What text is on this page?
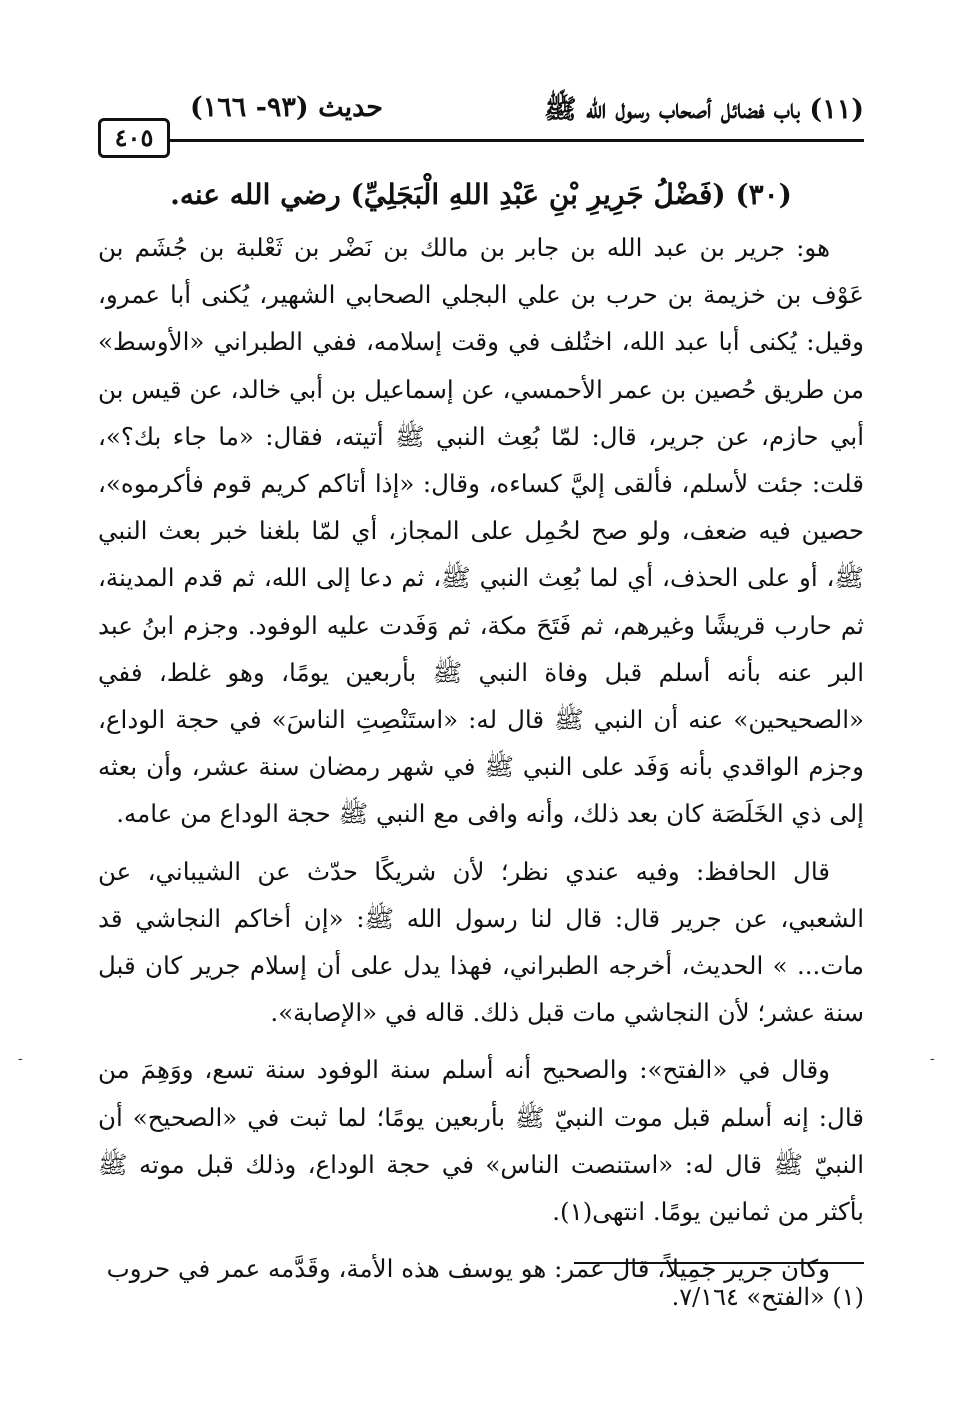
(١١) باب فضائل أصحاب رسول الله ﷺ
حديث (٩٣- ١٦٦)
٤٠٥
(٣٠) (فَضْلُ جَرِيرِ بْنِ عَبْدِ اللهِ الْبَجَلِيِّ) رضي الله عنه.

هو: جرير بن عبد الله بن جابر بن مالك بن نَضْر بن ثَعْلبة بن جُشَم بن عَوْف بن خزيمة بن حرب بن علي البجلي الصحابي الشهير، يُكنى أبا عمرو، وقيل: يُكنى أبا عبد الله، اختُلف في وقت إسلامه، ففي الطبراني «الأوسط» من طريق حُصين بن عمر الأحمسي، عن إسماعيل بن أبي خالد، عن قيس بن أبي حازم، عن جرير، قال: لمّا بُعِث النبي ﷺ أتيته، فقال: «ما جاء بك؟»، قلت: جئت لأسلم، فألقى إليَّ كساءه، وقال: «إذا أتاكم كريم قوم فأكرموه»، حصين فيه ضعف، ولو صح لحُمِل على المجاز، أي لمّا بلغنا خبر بعث النبي ﷺ، أو على الحذف، أي لما بُعِث النبي ﷺ، ثم دعا إلى الله، ثم قدم المدينة، ثم حارب قريشًا وغيرهم، ثم فَتَحَ مكة، ثم وَفَدت عليه الوفود. وجزم ابنُ عبد البر عنه بأنه أسلم قبل وفاة النبي ﷺ بأربعين يومًا، وهو غلط، ففي «الصحيحين» عنه أن النبي ﷺ قال له: «استَنْصِتِ الناسَ» في حجة الوداع، وجزم الواقدي بأنه وَفَد على النبي ﷺ في شهر رمضان سنة عشر، وأن بعثه إلى ذي الخَلَصَة كان بعد ذلك، وأنه وافى مع النبي ﷺ حجة الوداع من عامه.

قال الحافظ: وفيه عندي نظر؛ لأن شريكًا حدّث عن الشيباني، عن الشعبي، عن جرير قال: قال لنا رسول الله ﷺ: «إن أخاكم النجاشي قد مات... » الحديث، أخرجه الطبراني، فهذا يدل على أن إسلام جرير كان قبل سنة عشر؛ لأن النجاشي مات قبل ذلك. قاله في «الإصابة».

وقال في «الفتح»: والصحيح أنه أسلم سنة الوفود سنة تسع، ووَهِمَ من قال: إنه أسلم قبل موت النبيّ ﷺ بأربعين يومًا؛ لما ثبت في «الصحيح» أن النبيّ ﷺ قال له: «استنصت الناس» في حجة الوداع، وذلك قبل موته ﷺ بأكثر من ثمانين يومًا. انتهى(١).

وكان جرير جَمِيلاً، قال عمر: هو يوسف هذه الأمة، وقَدَّمه عمر في حروب

(١) «الفتح» ٧/١٦٤.
-	-
